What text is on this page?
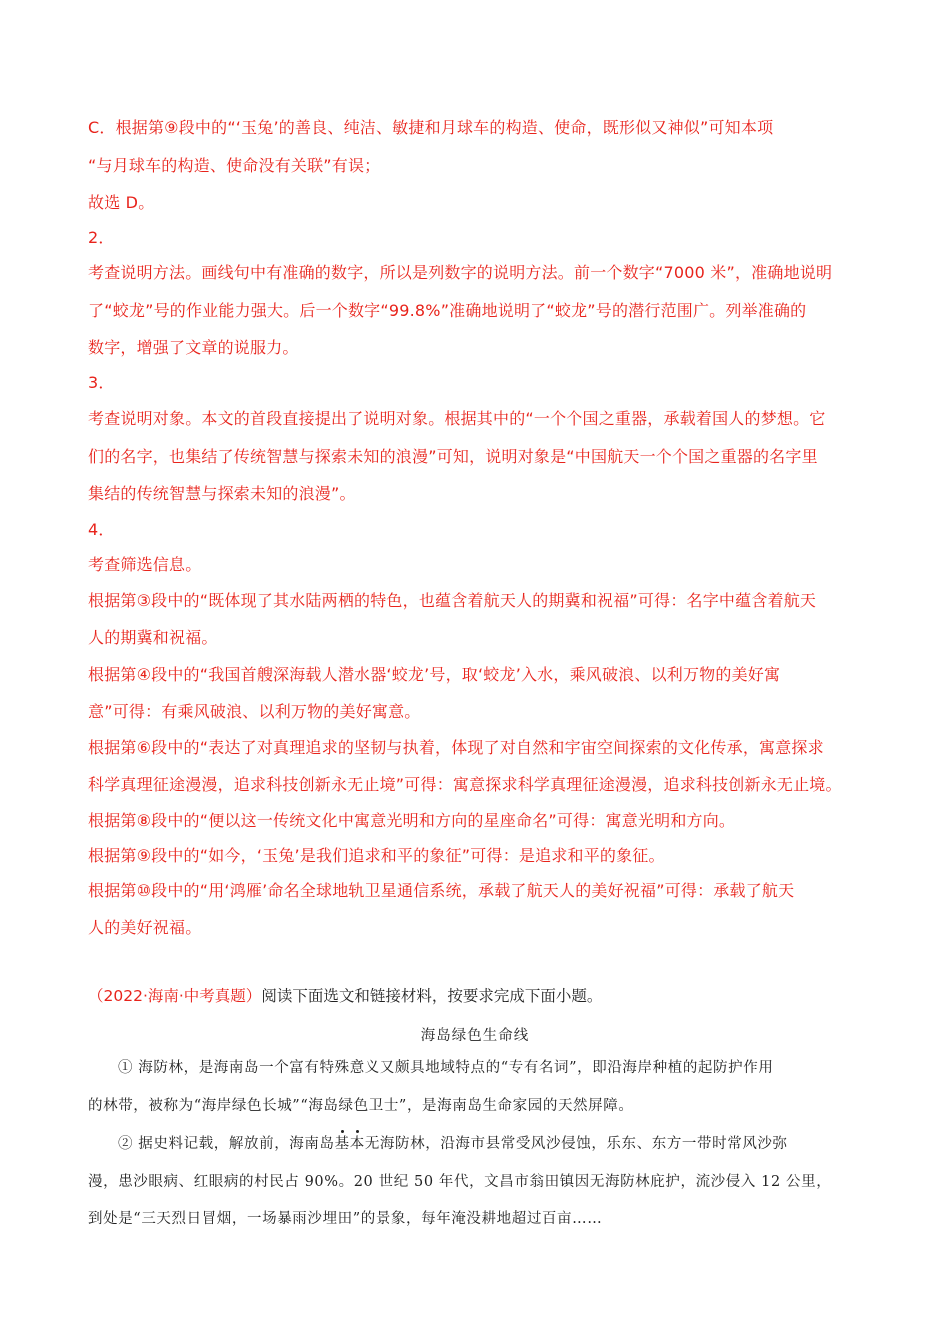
C．根据第⑨段中的“‘玉兔’的善良、纯洁、敏捷和月球车的构造、使命，既形似又神似”可知本项
“与月球车的构造、使命没有关联”有误；
故选 D。
2．
考查说明方法。画线句中有准确的数字，所以是列数字的说明方法。前一个数字“7000 米”，准确地说明
了“蛟龙”号的作业能力强大。后一个数字“99.8%”准确地说明了“蛟龙”号的潜行范围广。列举准确的
数字，增强了文章的说服力。
3．
考查说明对象。本文的首段直接提出了说明对象。根据其中的“一个个国之重器，承载着国人的梦想。它
们的名字，也集结了传统智慧与探索未知的浪漫”可知，说明对象是“中国航天一个个国之重器的名字里
集结的传统智慧与探索未知的浪漫”。
4．
考查筛选信息。
根据第③段中的“既体现了其水陆两栖的特色，也蕴含着航天人的期冀和祝福”可得：名字中蕴含着航天
人的期冀和祝福。
根据第④段中的“我国首艘深海载人潜水器‘蛟龙’号，取‘蛟龙’入水，乘风破浪、以利万物的美好寓
意”可得：有乘风破浪、以利万物的美好寓意。
根据第⑥段中的“表达了对真理追求的坚韧与执着，体现了对自然和宇宙空间探索的文化传承，寓意探求
科学真理征途漫漫，追求科技创新永无止境”可得：寓意探求科学真理征途漫漫，追求科技创新永无止境。
根据第⑧段中的“便以这一传统文化中寓意光明和方向的星座命名”可得：寓意光明和方向。
根据第⑨段中的“如今，‘玉兔’是我们追求和平的象征”可得：是追求和平的象征。
根据第⑩段中的“用‘鸿雁’命名全球地轨卫星通信系统，承载了航天人的美好祝福”可得：承载了航天
人的美好祝福。
（2022·海南·中考真题）阅读下面选文和链接材料，按要求完成下面小题。
海岛绿色生命线
① 海防林，是海南岛一个富有特殊意义又颇具地域特点的“专有名词”，即沿海岸种植的起防护作用
的林带，被称为“海岸绿色长城”“海岛绿色卫士”，是海南岛生命家园的天然屏障。
② 据史料记载，解放前，海南岛基本无海防林，沿海市县常受风沙侵蚀，乐东、东方一带时常风沙弥
漫，患沙眼病、红眼病的村民占 90%。20 世纪 50 年代，文昌市翁田镇因无海防林庇护，流沙侵入 12 公里，
到处是“三天烈日冒烟，一场暴雨沙埋田”的景象，每年淹没耕地超过百亩……
